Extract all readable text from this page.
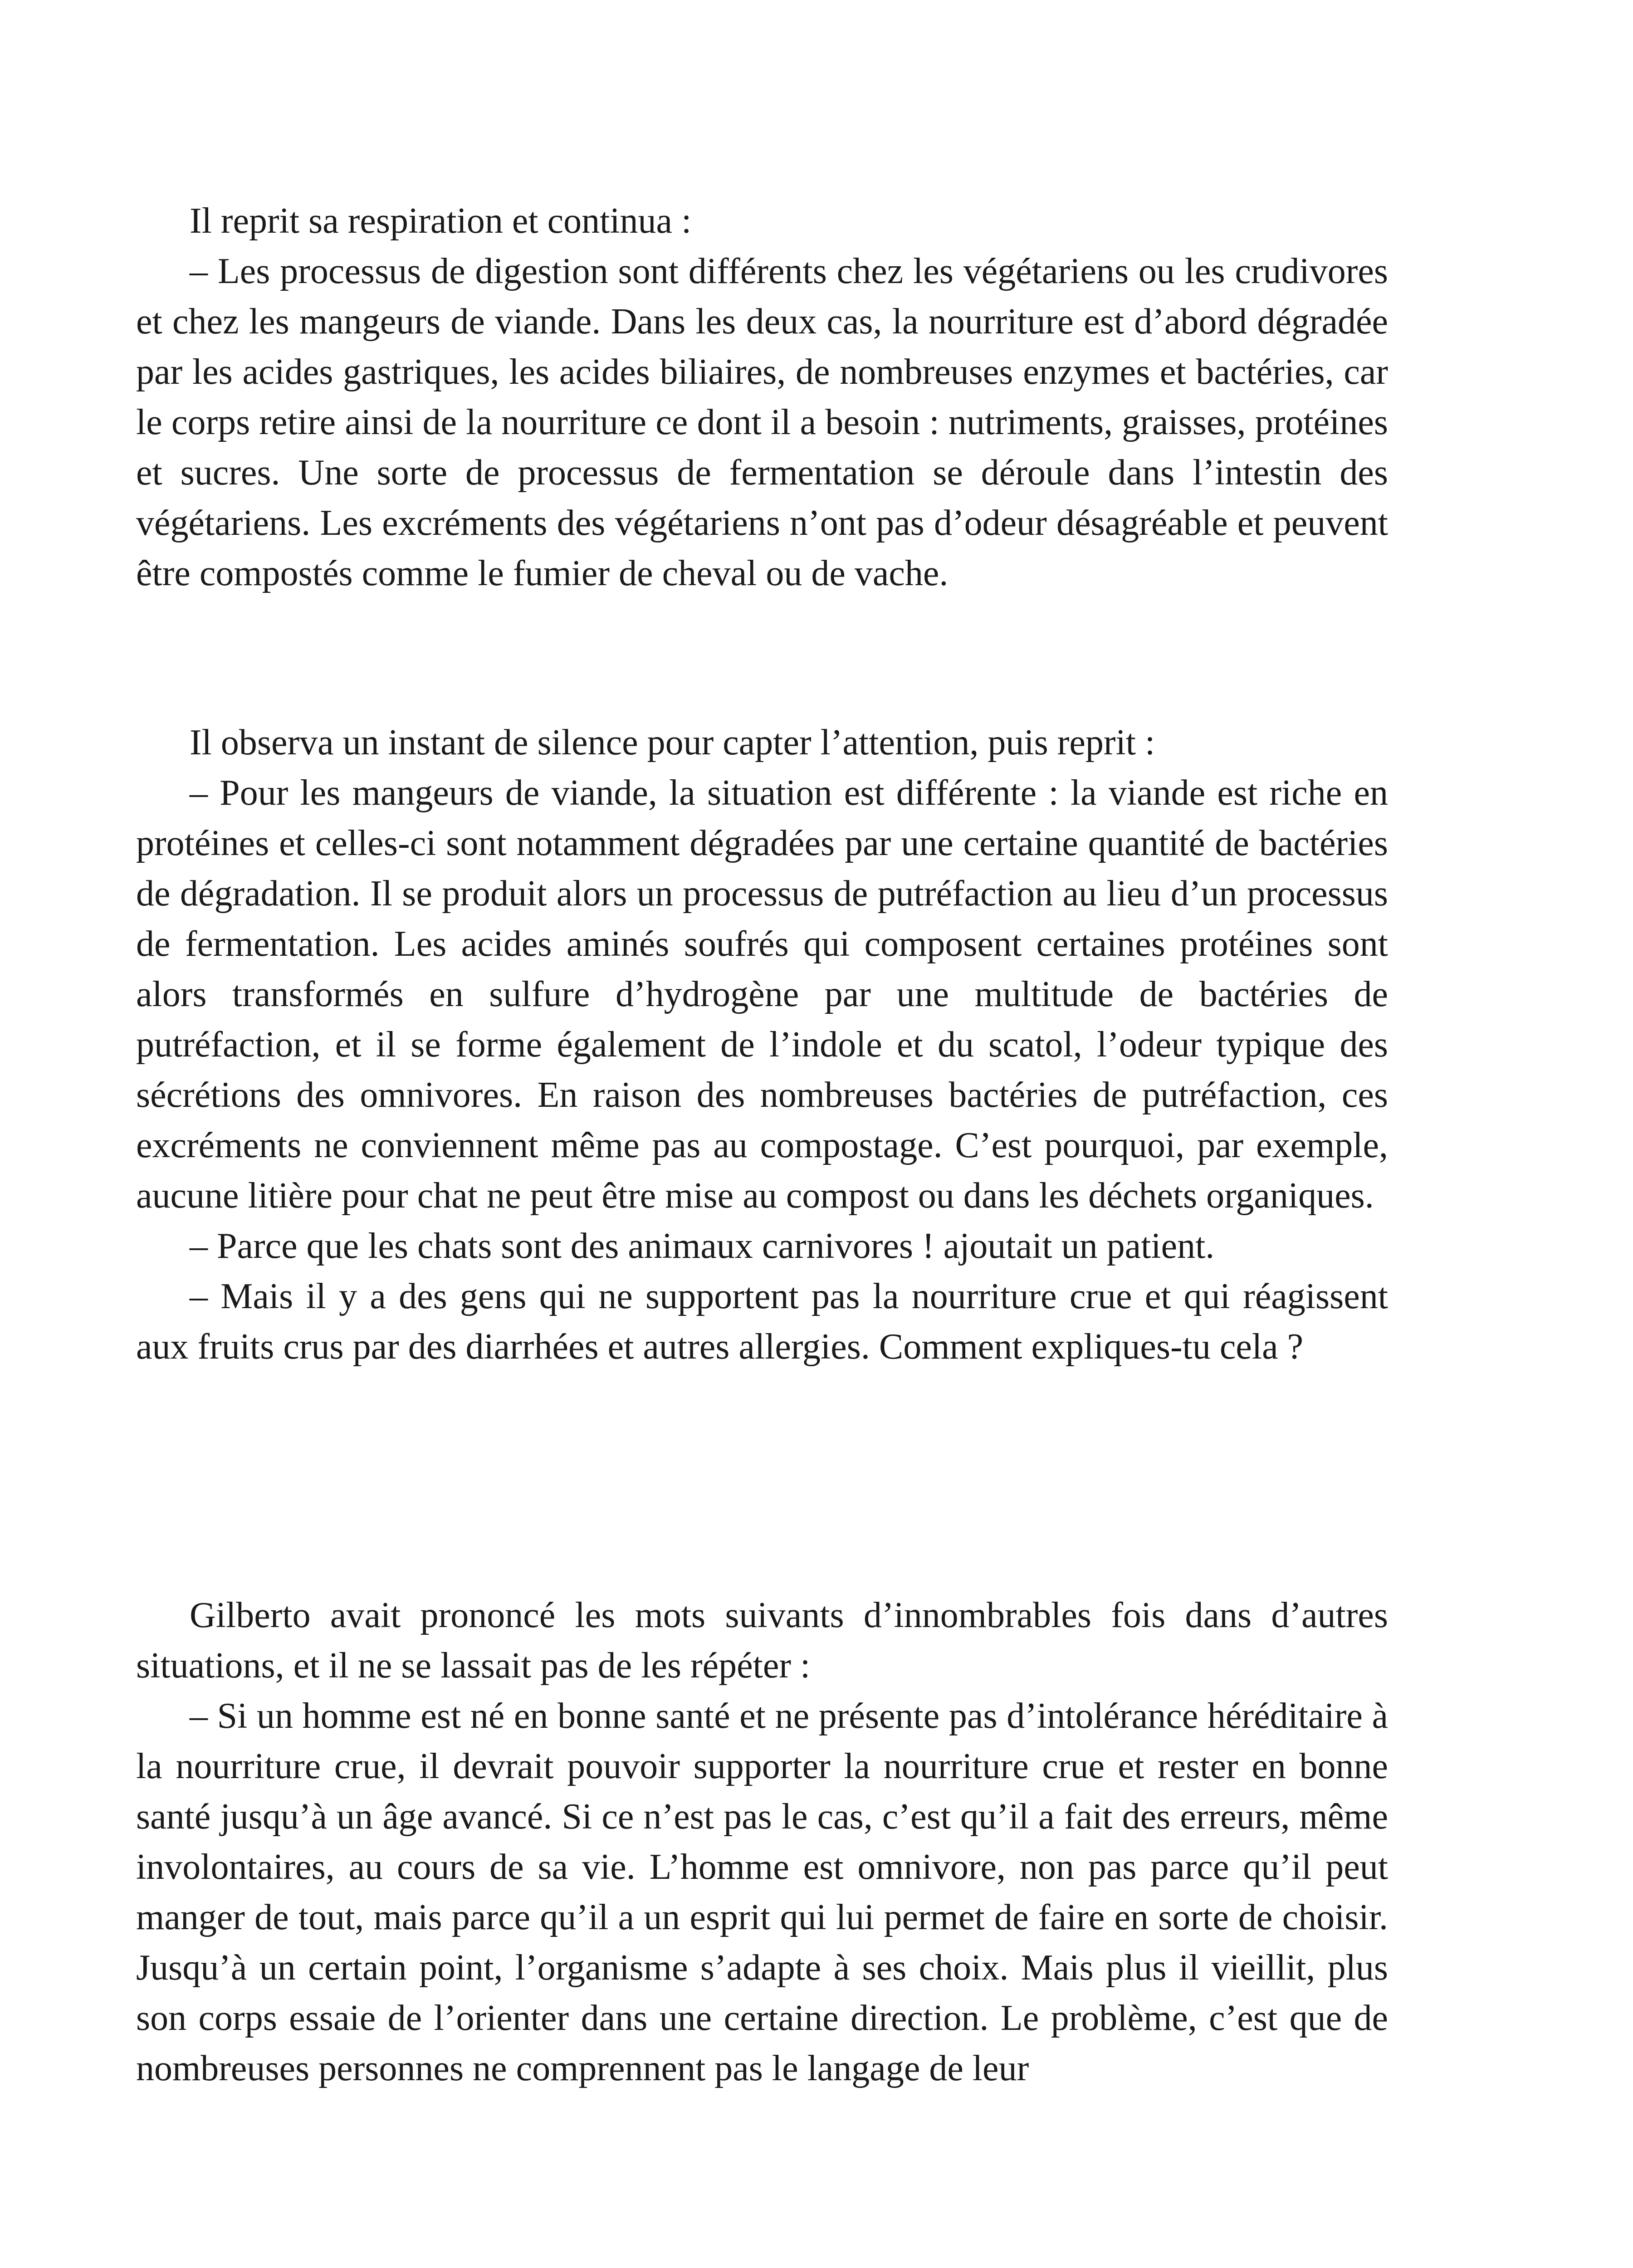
Il reprit sa respiration et continua :

– Les processus de digestion sont différents chez les végétariens ou les crudivores et chez les mangeurs de viande. Dans les deux cas, la nourriture est d’abord dégradée par les acides gastriques, les acides biliaires, de nombreuses enzymes et bactéries, car le corps retire ainsi de la nourriture ce dont il a besoin : nutriments, graisses, protéines et sucres. Une sorte de processus de fermentation se déroule dans l’intestin des végétariens. Les excréments des végétariens n’ont pas d’odeur désagréable et peuvent être compostés comme le fumier de cheval ou de vache.

Il observa un instant de silence pour capter l’attention, puis reprit :

– Pour les mangeurs de viande, la situation est différente : la viande est riche en protéines et celles-ci sont notamment dégradées par une certaine quantité de bactéries de dégradation. Il se produit alors un processus de putréfaction au lieu d’un processus de fermentation. Les acides aminés soufrés qui composent certaines protéines sont alors transformés en sulfure d’hydrogène par une multitude de bactéries de putréfaction, et il se forme également de l’indole et du scatol, l’odeur typique des sécrétions des omnivores. En raison des nombreuses bactéries de putréfaction, ces excréments ne conviennent même pas au compostage. C’est pourquoi, par exemple, aucune litière pour chat ne peut être mise au compost ou dans les déchets organiques.

– Parce que les chats sont des animaux carnivores ! ajoutait un patient.

– Mais il y a des gens qui ne supportent pas la nourriture crue et qui réagissent aux fruits crus par des diarrhées et autres allergies. Comment expliques-tu cela ?

Gilberto avait prononcé les mots suivants d’innombrables fois dans d’autres situations, et il ne se lassait pas de les répéter :

– Si un homme est né en bonne santé et ne présente pas d’intolérance héréditaire à la nourriture crue, il devrait pouvoir supporter la nourriture crue et rester en bonne santé jusqu’à un âge avancé. Si ce n’est pas le cas, c’est qu’il a fait des erreurs, même involontaires, au cours de sa vie. L’homme est omnivore, non pas parce qu’il peut manger de tout, mais parce qu’il a un esprit qui lui permet de faire en sorte de choisir. Jusqu’à un certain point, l’organisme s’adapte à ses choix. Mais plus il vieillit, plus son corps essaie de l’orienter dans une certaine direction. Le problème, c’est que de nombreuses personnes ne comprennent pas le langage de leur
